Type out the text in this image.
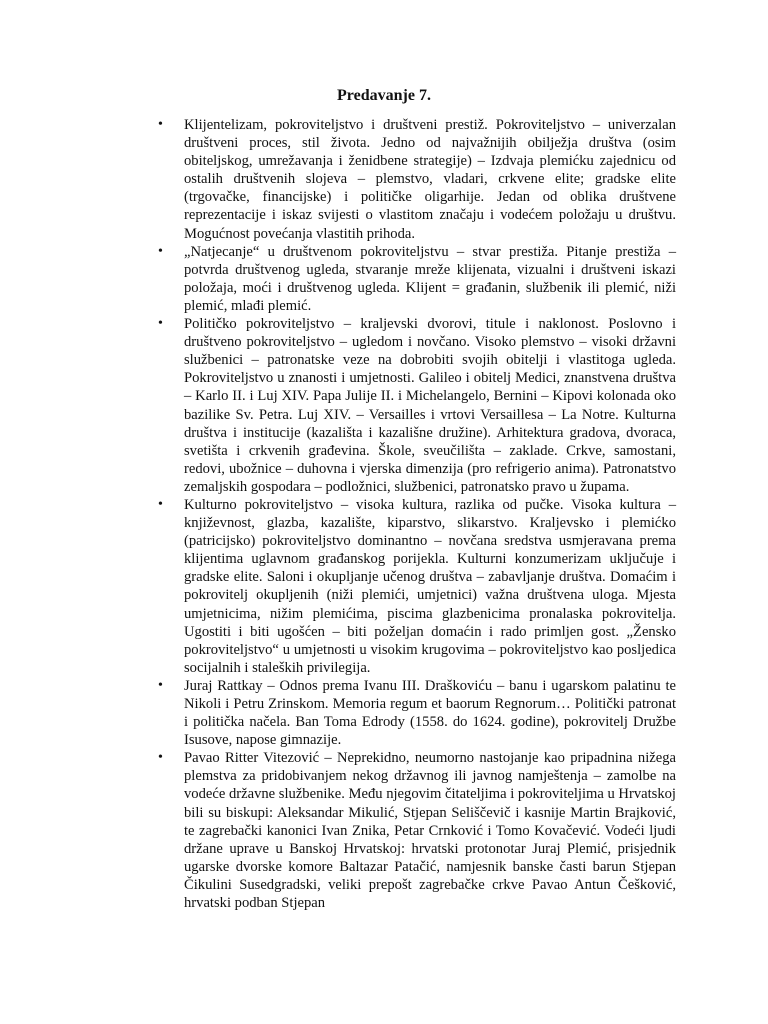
Predavanje 7.
•	Klijentelizam, pokroviteljstvo i društveni prestiž. Pokroviteljstvo – univerzalan društveni proces, stil života. Jedno od najvažnijih obilježja društva (osim obiteljskog, umrežavanja i ženidbene strategije) – Izdvaja plemićku zajednicu od ostalih društvenih slojeva – plemstvo, vladari, crkvene elite; gradske elite (trgovačke, financijske) i političke oligarhije. Jedan od oblika društvene reprezentacije i iskaz svijesti o vlastitom značaju i vodećem položaju u društvu. Mogućnost povećanja vlastitih prihoda.
•	„Natjecanje“ u društvenom pokroviteljstvu – stvar prestiža. Pitanje prestiža – potvrda društvenog ugleda, stvaranje mreže klijenata, vizualni i društveni iskazi položaja, moći i društvenog ugleda. Klijent = građanin, službenik ili plemić, niži plemić, mlađi plemić.
•	Političko pokroviteljstvo – kraljevski dvorovi, titule i naklonost. Poslovno i društveno pokroviteljstvo – ugledom i novčano. Visoko plemstvo – visoki državni službenici – patronatske veze na dobrobiti svojih obitelji i vlastitoga ugleda. Pokroviteljstvo u znanosti i umjetnosti. Galileo i obitelj Medici, znanstvena društva – Karlo II. i Luj XIV. Papa Julije II. i Michelangelo, Bernini – Kipovi kolonada oko bazilike Sv. Petra. Luj XIV. – Versailles i vrtovi Versaillesa – La Notre. Kulturna društva i institucije (kazališta i kazališne družine). Arhitektura gradova, dvoraca, svetišta i crkvenih građevina. Škole, sveučilišta – zaklade. Crkve, samostani, redovi, ubožnice – duhovna i vjerska dimenzija (pro refrigerio anima). Patronatstvo zemaljskih gospodara – podložnici, službenici, patronatsko pravo u župama.
•	Kulturno pokroviteljstvo – visoka kultura, razlika od pučke. Visoka kultura – književnost, glazba, kazalište, kiparstvo, slikarstvo. Kraljevsko i plemićko (patricijsko) pokroviteljstvo dominantno – novčana sredstva usmjeravana prema klijentima uglavnom građanskog porijekla. Kulturni konzumerizam uključuje i gradske elite. Saloni i okupljanje učenog društva – zabavljanje društva. Domaćim i pokrovitelj okupljenih (niži plemići, umjetnici) važna društvena uloga. Mjesta umjetnicima, nižim plemićima, piscima glazbenicima pronalaska pokrovitelja. Ugostiti i biti ugošćen – biti poželjan domaćin i rado primljen gost. „Žensko pokroviteljstvo“ u umjetnosti u visokim krugovima – pokroviteljstvo kao posljedica socijalnih i staleških privilegija.
•	Juraj Rattkay – Odnos prema Ivanu III. Draškoviću – banu i ugarskom palatinu te Nikoli i Petru Zrinskom. Memoria regum et baorum Regnorum… Politički patronat i politička načela. Ban Toma Edrody (1558. do 1624. godine), pokrovitelj Družbe Isusove, napose gimnazije.
•	Pavao Ritter Vitezović – Neprekidno, neumorno nastojanje kao pripadnina nižega plemstva za pridobivanjem nekog državnog ili javnog namještenja – zamolbe na vodeće državne službenike. Među njegovim čitateljima i pokroviteljima u Hrvatskoj bili su biskupi: Aleksandar Mikulić, Stjepan Seliščevič i kasnije Martin Brajković, te zagrebački kanonici Ivan Znika, Petar Crnković i Tomo Kovačević. Vodeći ljudi držane uprave u Banskoj Hrvatskoj: hrvatski protonotar Juraj Plemić, prisjednik ugarske dvorske komore Baltazar Patačić, namjesnik banske časti barun Stjepan Čikulini Susedgradski, veliki prepošt zagrebačke crkve Pavao Antun Češković, hrvatski podban Stjepan
